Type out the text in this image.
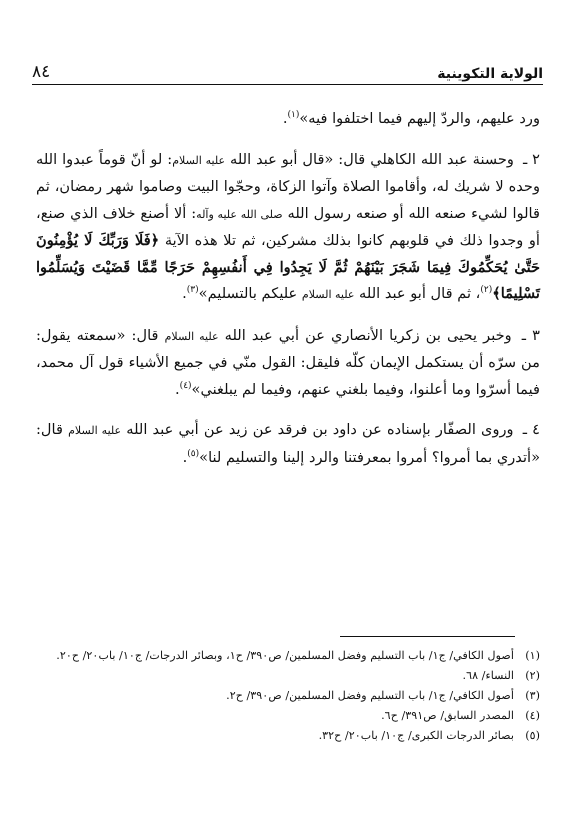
الولاية التكوينية
٨٤

ورد عليهم، والردّ إليهم فيما اختلفوا فيه»$^{(١)}$.

٢ ـ وحسنة عبد الله الكاهلي قال: «قال أبو عبد الله عليه السلام: لو أنّ قوماً عبدوا الله وحده لا شريك له، وأقاموا الصلاة وآتوا الزكاة، وحجّوا البيت وصاموا شهر رمضان، ثم قالوا لشيء صنعه الله أو صنعه رسول الله صلى الله عليه وآله: ألا أصنع خلاف الذي صنع، أو وجدوا ذلك في قلوبهم كانوا بذلك مشركين، ثم تلا هذه الآية ﴿فَلَا وَرَبِّكَ لَا يُؤْمِنُونَ حَتَّىٰ يُحَكِّمُوكَ فِيمَا شَجَرَ بَيْنَهُمْ ثُمَّ لَا يَجِدُوا فِي أَنفُسِهِمْ حَرَجًا مِّمَّا قَضَيْتَ وَيُسَلِّمُوا تَسْلِيمًا﴾$^{(٢)}$، ثم قال أبو عبد الله عليه السلام عليكم بالتسليم»$^{(٣)}$.

٣ ـ وخبر يحيى بن زكريا الأنصاري عن أبي عبد الله عليه السلام قال: «سمعته يقول: من سرّه أن يستكمل الإيمان كلّه فليقل: القول منّي في جميع الأشياء قول آل محمد، فيما أسرّوا وما أعلنوا، وفيما بلغني عنهم، وفيما لم يبلغني»$^{(٤)}$.

٤ ـ وروى الصفّار بإسناده عن داود بن فرقد عن زيد عن أبي عبد الله عليه السلام قال: «أتدري بما أمروا؟ أمروا بمعرفتنا والرد إلينا والتسليم لنا»$^{(٥)}$.

(١)
أصول الكافي/ ج١/ باب التسليم وفضل المسلمين/ ص٣٩٠/ ح١، وبصائر الدرجات/ ج١٠/ باب٢٠/ ح٢٠.
(٢)
النساء/ ٦٨.
(٣)
أصول الكافي/ ج١/ باب التسليم وفضل المسلمين/ ص٣٩٠/ ح٢.
(٤)
المصدر السابق/ ص٣٩١/ ح٦.
(٥)
بصائر الدرجات الكبرى/ ج١٠/ باب٢٠/ ح٣٢.
